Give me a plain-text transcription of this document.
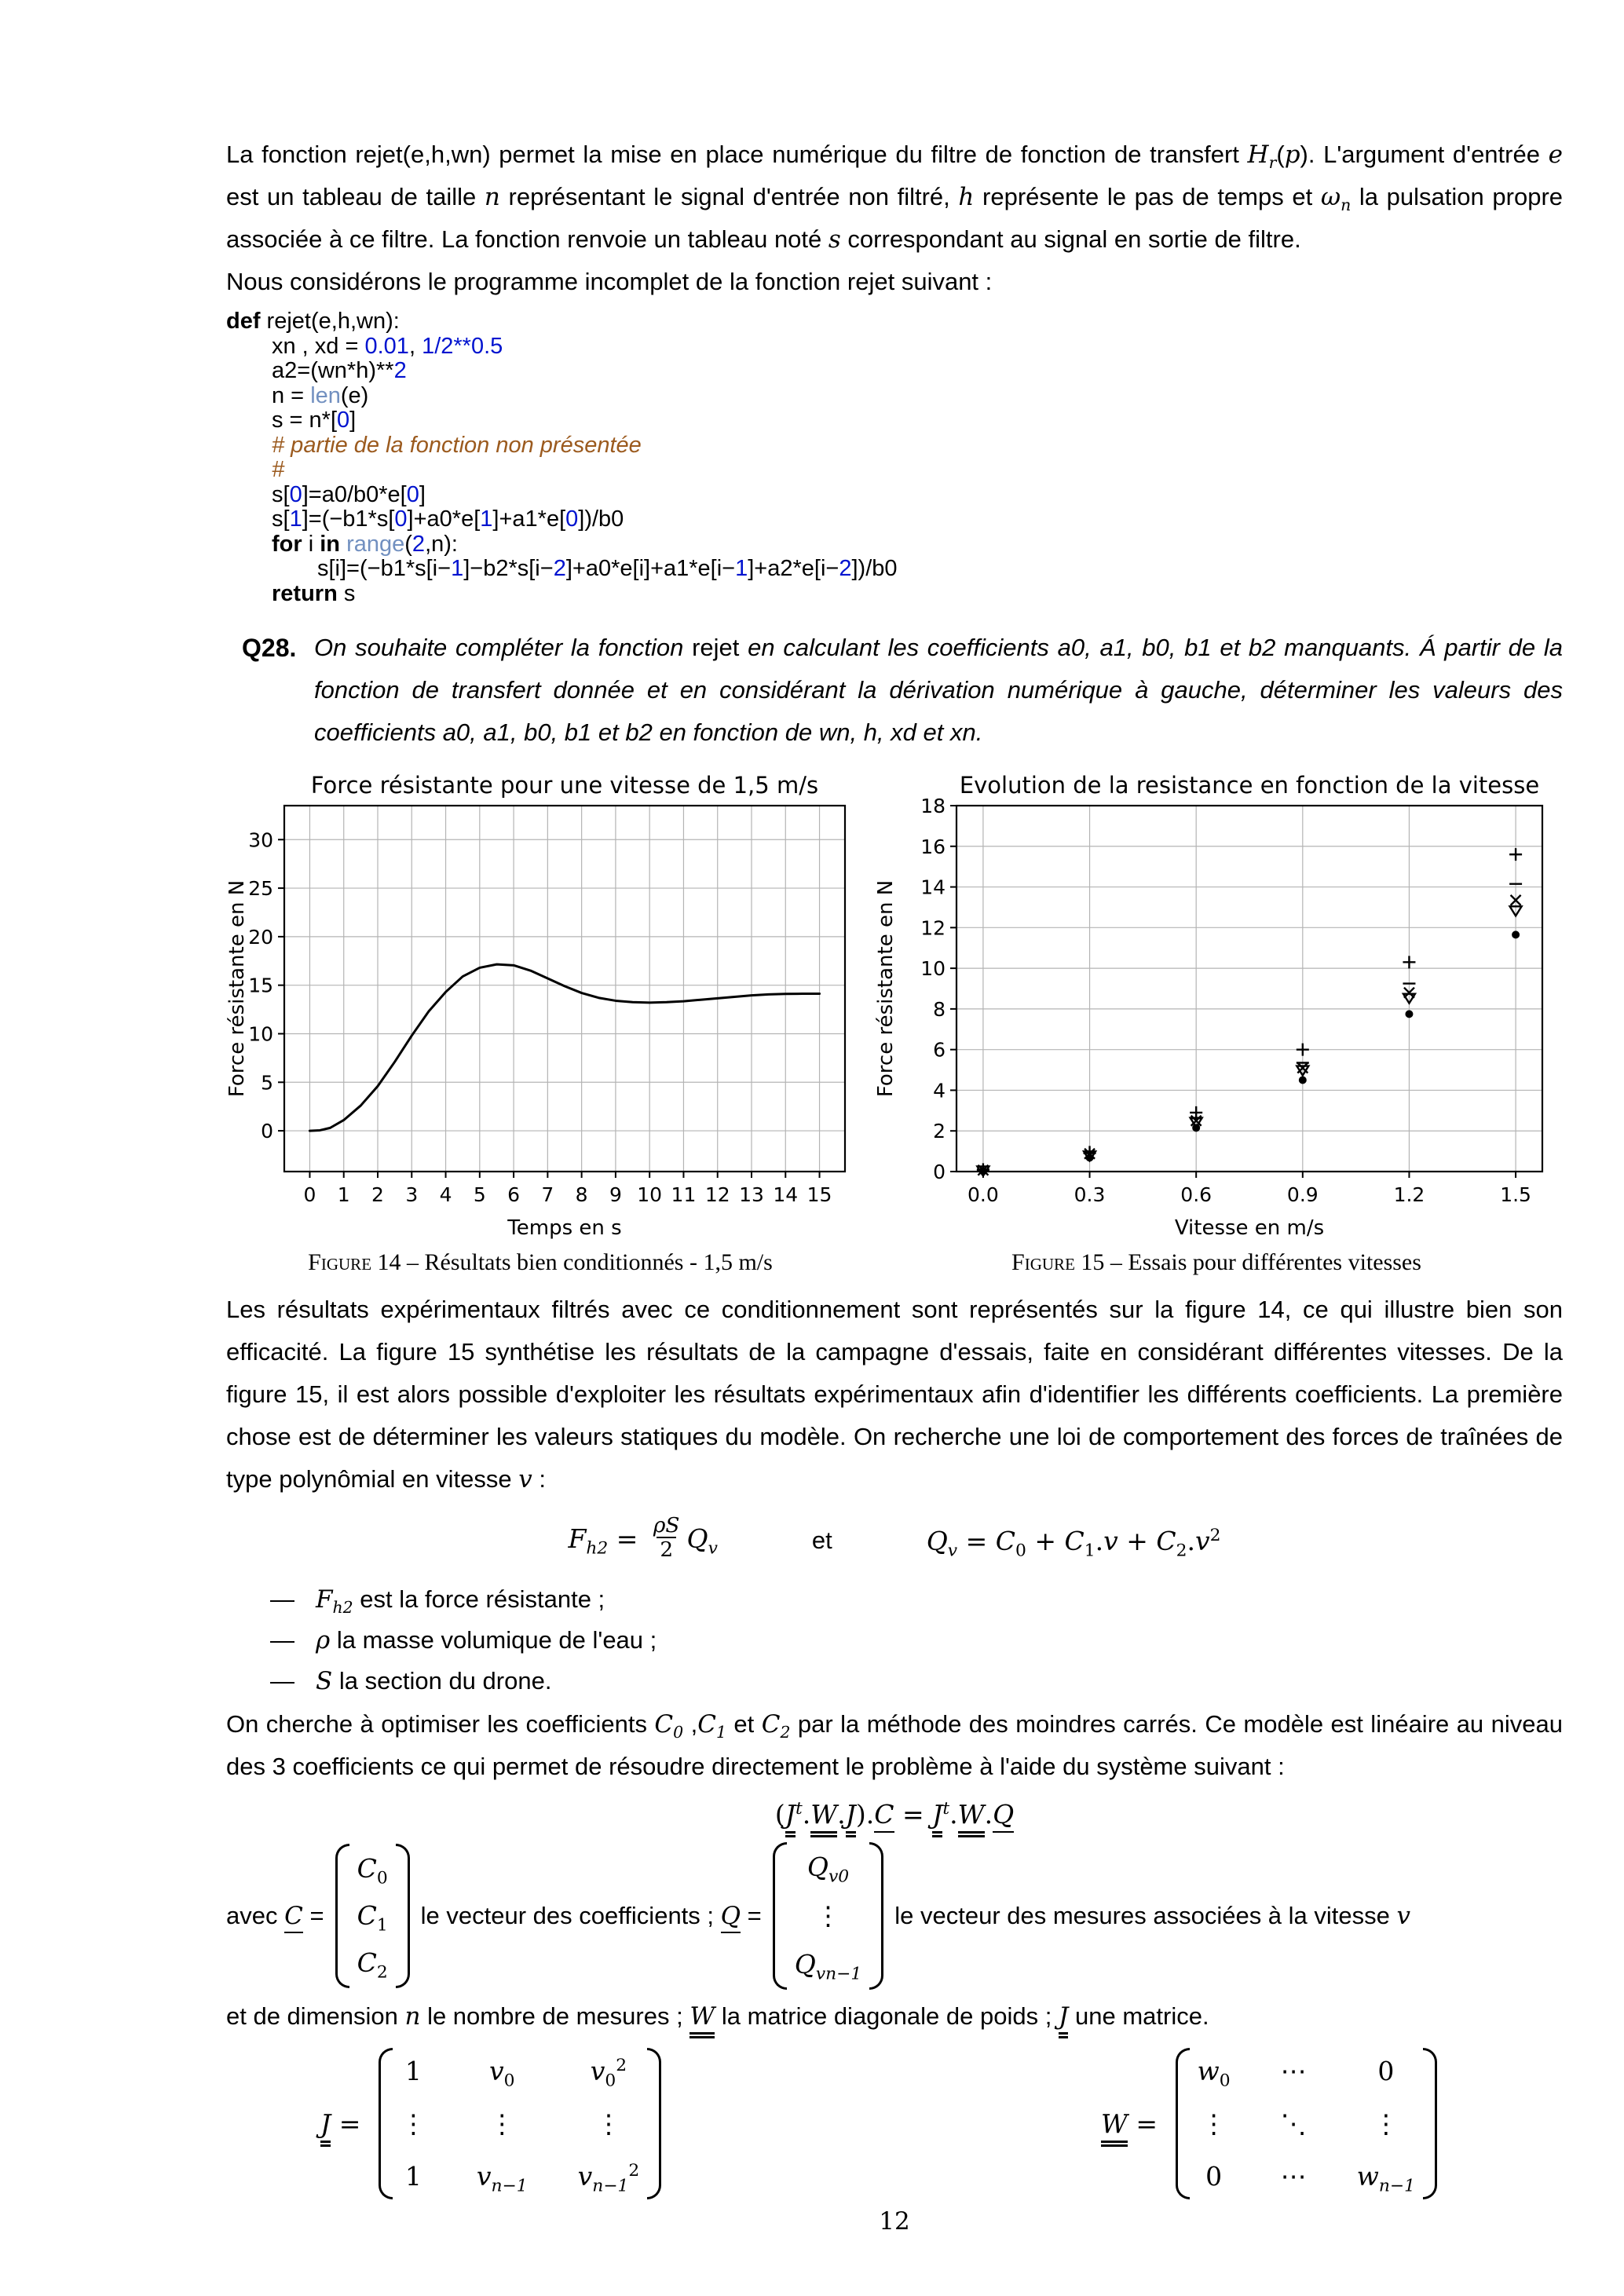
La fonction rejet(e,h,wn) permet la mise en place numérique du filtre de fonction de transfert $H_r(p)$. L'argument d'entrée e est un tableau de taille n représentant le signal d'entrée non filtré, h représente le pas de temps et $\omega_n$ la pulsation propre associée à ce filtre. La fonction renvoie un tableau noté s correspondant au signal en sortie de filtre.

Nous considérons le programme incomplet de la fonction rejet suivant :

def rejet(e,h,wn):
xn , xd = 0.01, 1/2**0.5
a2=(wn*h)**2
n = len(e)
s = n*[0]
# partie de la fonction non présentée
#
s[0]=a0/b0*e[0]
s[1]=(−b1*s[0]+a0*e[1]+a1*e[0])/b0
for i in range(2,n):
s[i]=(−b1*s[i−1]−b2*s[i−2]+a0*e[i]+a1*e[i−1]+a2*e[i−2])/b0
return s
Q28. On souhaite compléter la fonction rejet en calculant les coefficients a0, a1, b0, b1 et b2 manquants. Á partir de la fonction de transfert donnée et en considérant la dérivation numérique à gauche, déterminer les valeurs des coefficients a0, a1, b0, b1 et b2 en fonction de wn, h, xd et xn.
0 1 2 3 4 5 6 7 8 9 10 11 12 13 14 15
0
5
10
15
20
25
30
Force résistante pour une vitesse de 1,5 m/s
Temps en s
Force résistante en N
Figure 14 – Résultats bien conditionnés - 1,5 m/s
0.0	0.3	0.6	0.9	1.2	1.5
0
2
4
6
8
10
12
14
16
18
Evolution de la resistance en fonction de la vitesse
Vitesse en m/s
Force résistante en N
Figure 15 – Essais pour différentes vitesses

Les résultats expérimentaux filtrés avec ce conditionnement sont représentés sur la figure 14, ce qui illustre bien son efficacité. La figure 15 synthétise les résultats de la campagne d'essais, faite en considérant différentes vitesses. De la figure 15, il est alors possible d'exploiter les résultats expérimentaux afin d'identifier les différents coefficients. La première chose est de déterminer les valeurs statiques du modèle. On recherche une loi de comportement des forces de traînées de type polynômial en vitesse v :

$F_{h2} = \frac{\rho S}{2} Q_v$	et	$Q_v = C_0 + C_1.v + C_2.v^2$
— $F_{h2}$ est la force résistante ;
— ρ la masse volumique de l'eau ;
— S la section du drone.

On cherche à optimiser les coefficients $C_0$ $,C_1$ et $C_2$ par la méthode des moindres carrés. Ce modèle est linéaire au niveau des 3 coefficients ce qui permet de résoudre directement le problème à l'aide du système suivant :

$(J^t.W.J).C = J^t.W.Q$
avec C =
$C_0$
$C_1$
$C_2$
le vecteur des coefficients ; Q =
$Q_{v0}$
⋮
$Q_{vn-1}$
le vecteur des mesures associées à la vitesse v
et de dimension n le nombre de mesures ; W la matrice diagonale de poids ; J une matrice.
J =
1	$v_0$	$v_0^2$
⋮ ⋮	⋮
1 $v_{n-1}$ $v_{n-1}^2$
W =
$w_0$ ⋯	0
⋮ ⋱	⋮
0 ⋯ $w_{n-1}$
12
